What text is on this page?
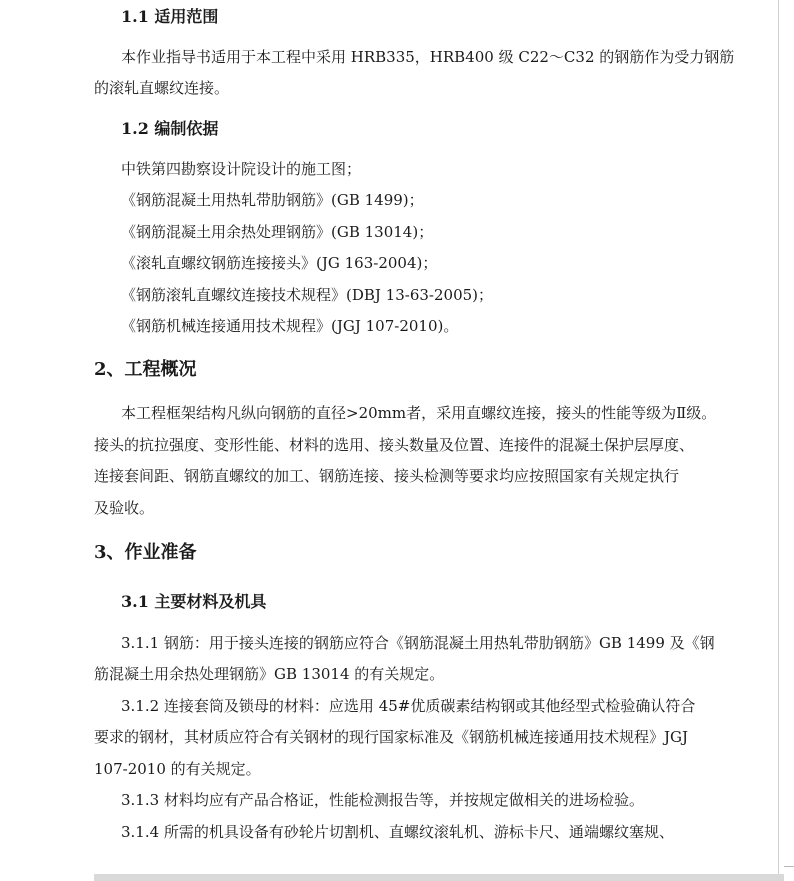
1.1 适用范围
本作业指导书适用于本工程中采用 HRB335，HRB400 级 C22～C32 的钢筋作为受力钢筋
的滚轧直螺纹连接。
1.2 编制依据
中铁第四勘察设计院设计的施工图；
《钢筋混凝土用热轧带肋钢筋》(GB 1499)；
《钢筋混凝土用余热处理钢筋》(GB 13014)；
《滚轧直螺纹钢筋连接接头》(JG 163-2004)；
《钢筋滚轧直螺纹连接技术规程》(DBJ 13-63-2005)；
《钢筋机械连接通用技术规程》(JGJ 107-2010)。
2、工程概况
本工程框架结构凡纵向钢筋的直径>20mm者，采用直螺纹连接，接头的性能等级为Ⅱ级。
接头的抗拉强度、变形性能、材料的选用、接头数量及位置、连接件的混凝土保护层厚度、
连接套间距、钢筋直螺纹的加工、钢筋连接、接头检测等要求均应按照国家有关规定执行
及验收。
3、作业准备
3.1 主要材料及机具
3.1.1 钢筋：用于接头连接的钢筋应符合《钢筋混凝土用热轧带肋钢筋》GB 1499 及《钢
筋混凝土用余热处理钢筋》GB 13014 的有关规定。
3.1.2 连接套筒及锁母的材料：应选用 45#优质碳素结构钢或其他经型式检验确认符合
要求的钢材，其材质应符合有关钢材的现行国家标准及《钢筋机械连接通用技术规程》JGJ
107-2010 的有关规定。
3.1.3 材料均应有产品合格证，性能检测报告等，并按规定做相关的进场检验。
3.1.4 所需的机具设备有砂轮片切割机、直螺纹滚轧机、游标卡尺、通端螺纹塞规、
